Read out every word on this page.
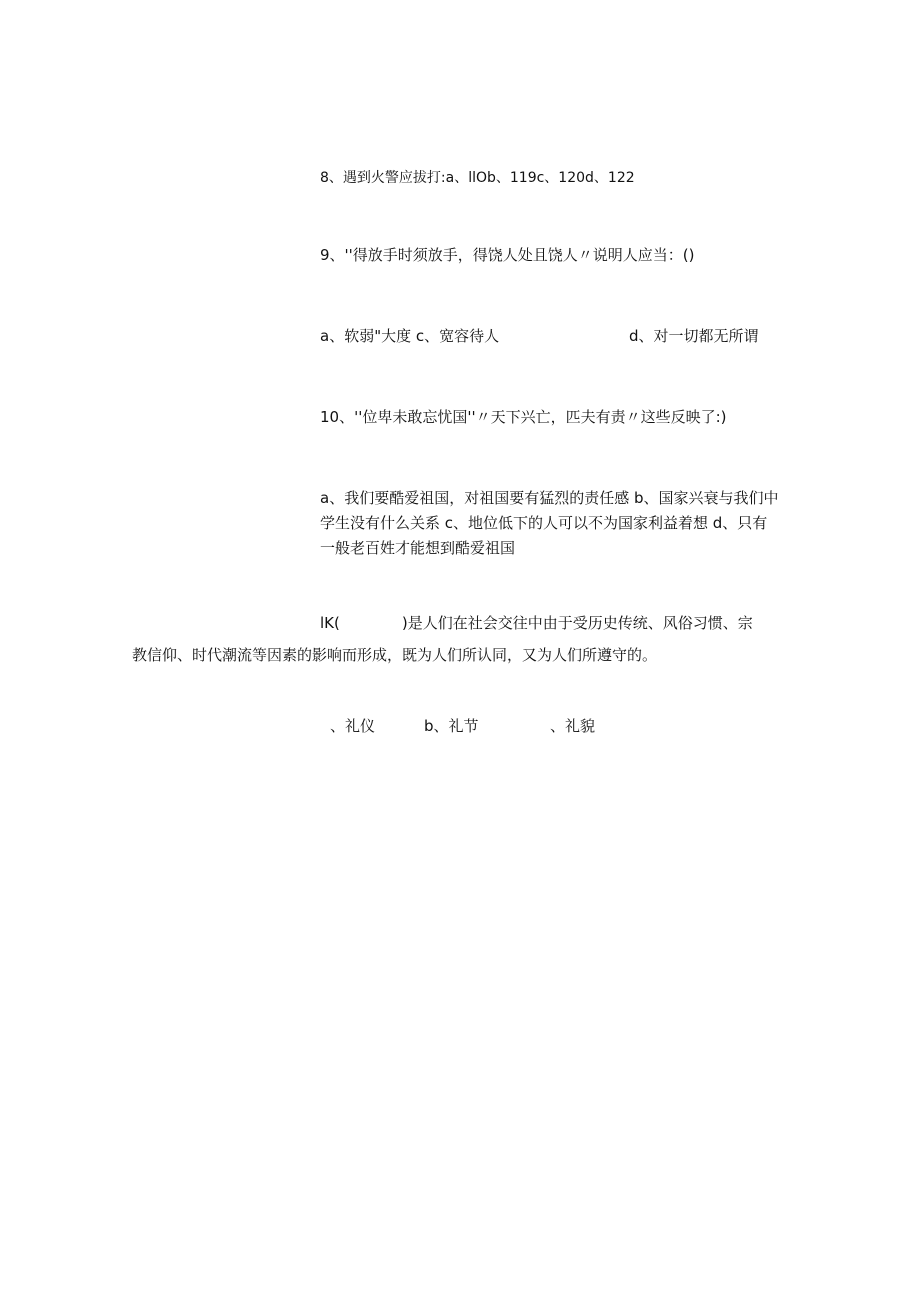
8、遇到火警应拔打:a、llOb、119c、120d、122
9、''得放手时须放手，得饶人处且饶人〃说明人应当：()
a、软弱"大度 c、宽容待人	d、对一切都无所谓
10、''位卑未敢忘忧国''〃天下兴亡，匹夫有责〃这些反映了:)
a、我们要酷爱祖国，对祖国要有猛烈的责任感 b、国家兴衰与我们中学生没有什么关系 c、地位低下的人可以不为国家利益着想 d、只有一般老百姓才能想到酷爱祖国
lK(	)是人们在社会交往中由于受历史传统、风俗习惯、宗
教信仰、时代潮流等因素的影响而形成，既为人们所认同，又为人们所遵守的。
、礼仪	b、礼节	、礼貌
